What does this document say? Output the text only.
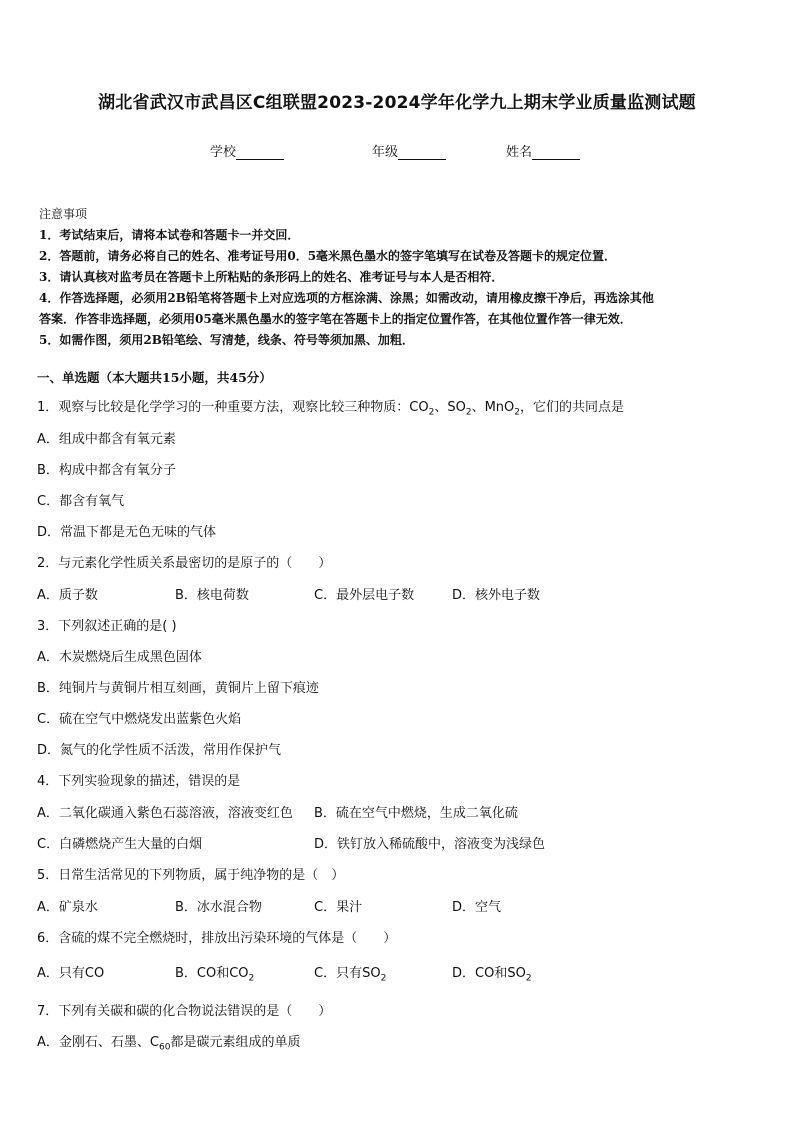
湖北省武汉市武昌区C组联盟2023-2024学年化学九上期末学业质量监测试题
学校	年级	姓名
注意事项
1．考试结束后，请将本试卷和答题卡一并交回．
2．答题前，请务必将自己的姓名、准考证号用0．5毫米黑色墨水的签字笔填写在试卷及答题卡的规定位置．
3．请认真核对监考员在答题卡上所粘贴的条形码上的姓名、准考证号与本人是否相符．
4．作答选择题，必须用2B铅笔将答题卡上对应选项的方框涂满、涂黑；如需改动，请用橡皮擦干净后，再选涂其他
答案．作答非选择题，必须用05毫米黑色墨水的签字笔在答题卡上的指定位置作答，在其他位置作答一律无效．
5．如需作图，须用2B铅笔绘、写清楚，线条、符号等须加黑、加粗．
一、单选题（本大题共15小题，共45分）
1．观察与比较是化学学习的一种重要方法，观察比较三种物质：$CO_2$、$SO_2$、MnO$_2$，它们的共同点是
A．组成中都含有氧元素
B．构成中都含有氧分子
C．都含有氧气
D．常温下都是无色无味的气体
2．与元素化学性质关系最密切的是原子的（　　）
A．质子数	B．核电荷数	C．最外层电子数	D．核外电子数
3．下列叙述正确的是( )
A．木炭燃烧后生成黑色固体
B．纯铜片与黄铜片相互刻画，黄铜片上留下痕迹
C．硫在空气中燃烧发出蓝紫色火焰
D．氮气的化学性质不活泼，常用作保护气
4．下列实验现象的描述，错误的是
A．二氧化碳通入紫色石蕊溶液，溶液变红色 B．硫在空气中燃烧，生成二氧化硫
C．白磷燃烧产生大量的白烟	D．铁钉放入稀硫酸中，溶液变为浅绿色
5．日常生活常见的下列物质，属于纯净物的是（　）
A．矿泉水	B．冰水混合物	C．果汁	D．空气
6．含硫的煤不完全燃烧时，排放出污染环境的气体是（　　）
A．只有CO	B．CO和$CO_2$	C．只有$SO_2$	D．CO和$SO_2$
7．下列有关碳和碳的化合物说法错误的是（　　）
A．金刚石、石墨、$C_{60}$都是碳元素组成的单质
